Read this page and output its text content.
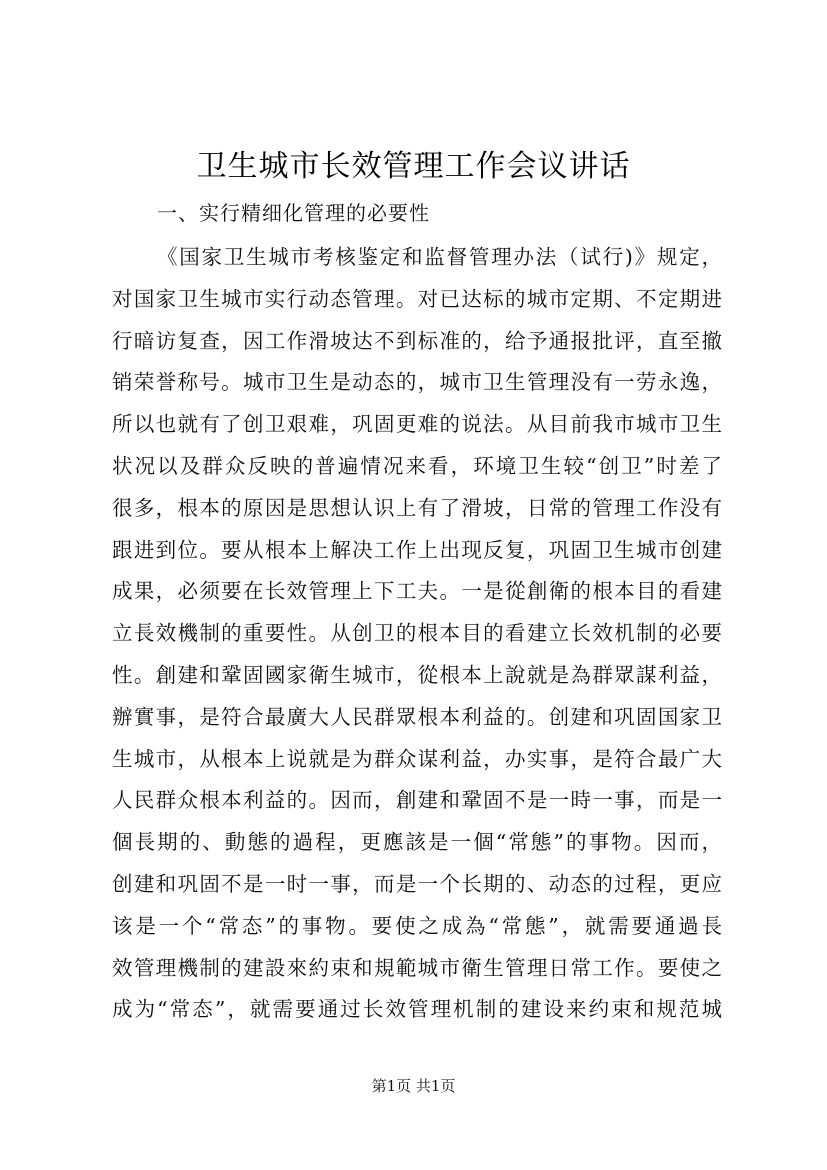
卫生城市长效管理工作会议讲话
一、实行精细化管理的必要性
《国家卫生城市考核鉴定和监督管理办法（试行)》规定，
对国家卫生城市实行动态管理。对已达标的城市定期、不定期进
行暗访复查，因工作滑坡达不到标准的，给予通报批评，直至撤
销荣誉称号。城市卫生是动态的，城市卫生管理没有一劳永逸，
所以也就有了创卫艰难，巩固更难的说法。从目前我市城市卫生
状况以及群众反映的普遍情况来看，环境卫生较“创卫”时差了
很多，根本的原因是思想认识上有了滑坡，日常的管理工作没有
跟进到位。要从根本上解决工作上出现反复，巩固卫生城市创建
成果，必须要在长效管理上下工夫。一是從創衛的根本目的看建
立長效機制的重要性。从创卫的根本目的看建立长效机制的必要
性。創建和鞏固國家衛生城市，從根本上說就是為群眾謀利益，
辦實事，是符合最廣大人民群眾根本利益的。创建和巩固国家卫
生城市，从根本上说就是为群众谋利益，办实事，是符合最广大
人民群众根本利益的。因而，創建和鞏固不是一時一事，而是一
個長期的、動態的過程，更應該是一個“常態”的事物。因而，
创建和巩固不是一时一事，而是一个长期的、动态的过程，更应
该是一个“常态”的事物。要使之成為“常態”，就需要通過長
效管理機制的建設來約束和規範城市衛生管理日常工作。要使之
成为“常态”，就需要通过长效管理机制的建设来约束和规范城
第1页 共1页
